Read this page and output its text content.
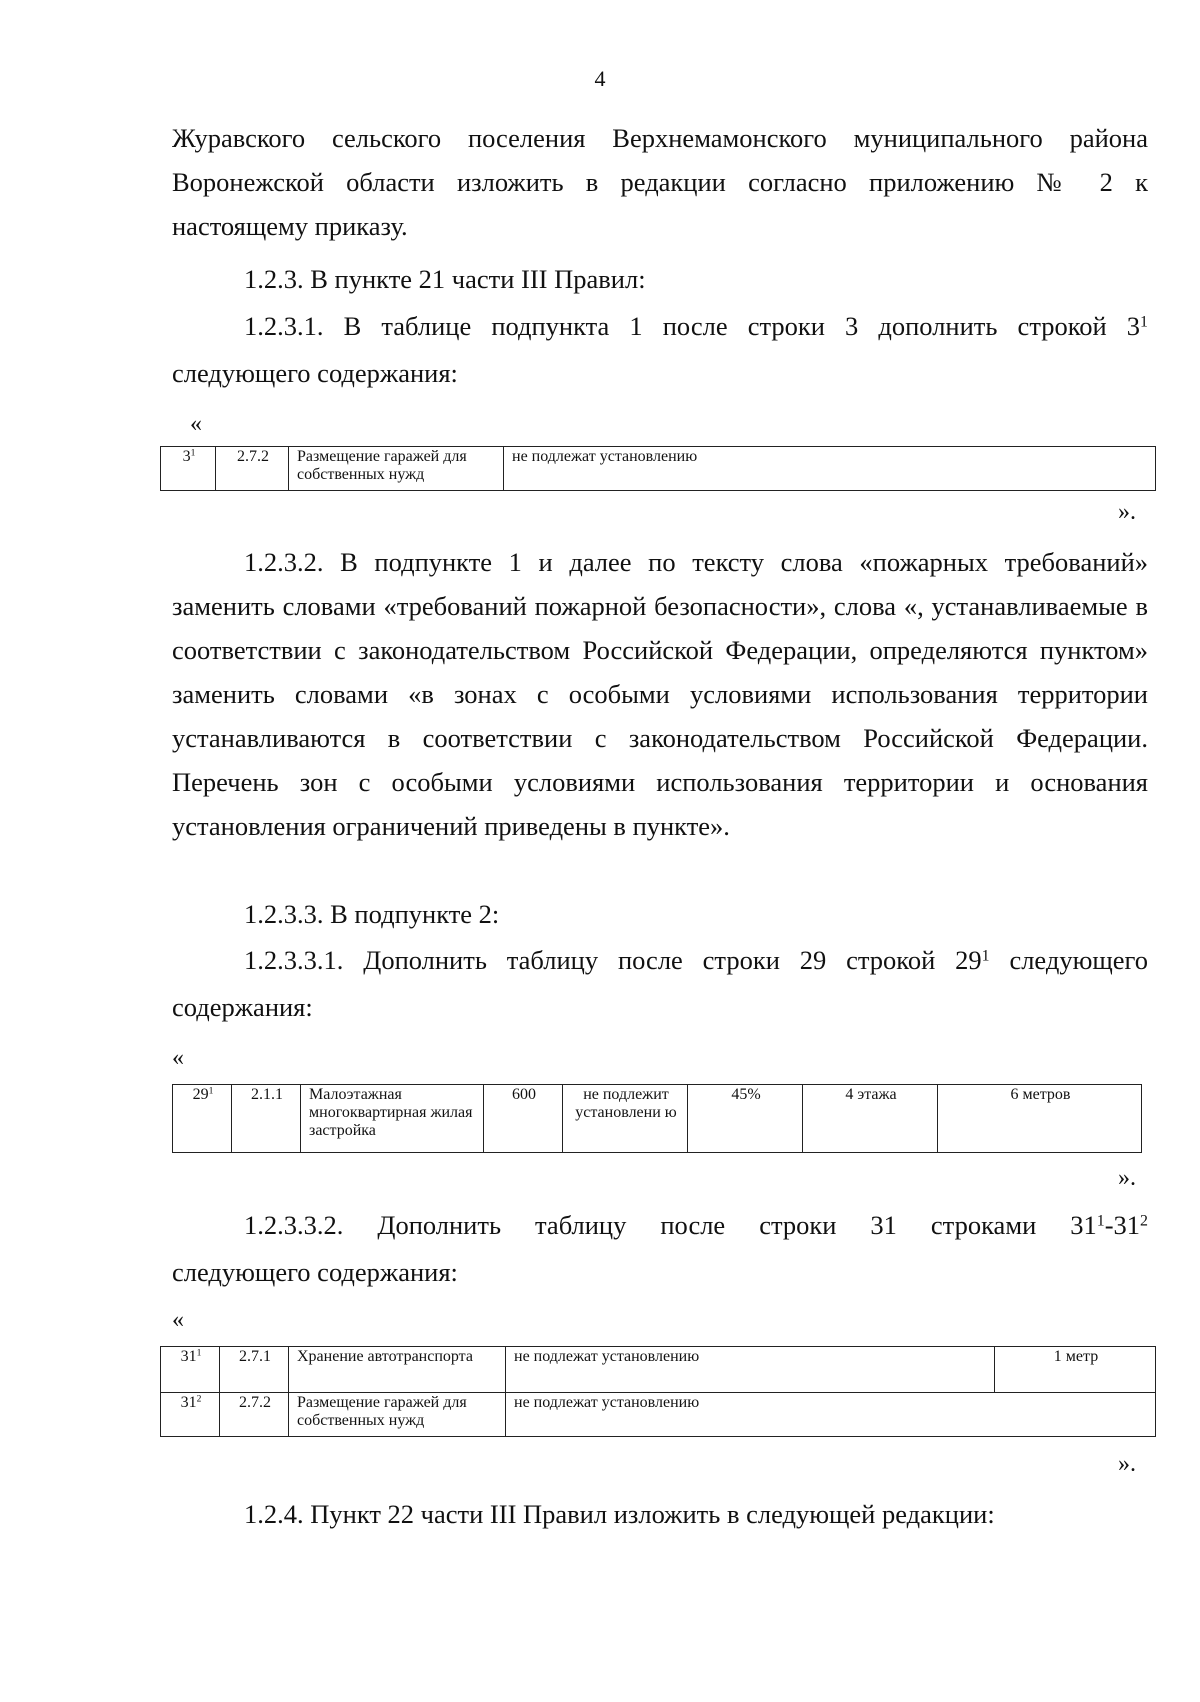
4

Журавского сельского поселения Верхнемамонского муниципального района

Воронежской области изложить в редакции согласно приложению № 2 к

настоящему приказу.

1.2.3. В пункте 21 части III Правил:

1.2.3.1. В таблице подпункта 1 после строки 3 дополнить строкой $3^1$

следующего содержания:

«
$3^1$	2.7.2	Размещение гаражей для собственных нужд	не подлежат установлению
».

1.2.3.2. В подпункте 1 и далее по тексту слова «пожарных требований» заменить словами «требований пожарной безопасности», слова «, устанавливаемые в соответствии с законодательством Российской Федерации, определяются пунктом» заменить словами «в зонах с особыми условиями использования территории устанавливаются в соответствии с законодательством Российской Федерации. Перечень зон с особыми условиями использования территории и основания установления ограничений приведены в пункте».

1.2.3.3. В подпункте 2:

1.2.3.3.1. Дополнить таблицу после строки 29 строкой $29^1$ следующего

содержания:

«
$29^1$	2.1.1	Малоэтажная многоквартирная жилая застройка	600	не подлежит установлени ю	45%	4 этажа	6 метров
».

1.2.3.3.2. Дополнить таблицу после строки 31 строками $31^1-31^2$

следующего содержания:

«
$31^1$	2.7.1	Хранение автотранспорта	не подлежат установлению	1 метр
$31^2$	2.7.2	Размещение гаражей для собственных нужд	не подлежат установлению	
».

1.2.4. Пункт 22 части III Правил изложить в следующей редакции:
